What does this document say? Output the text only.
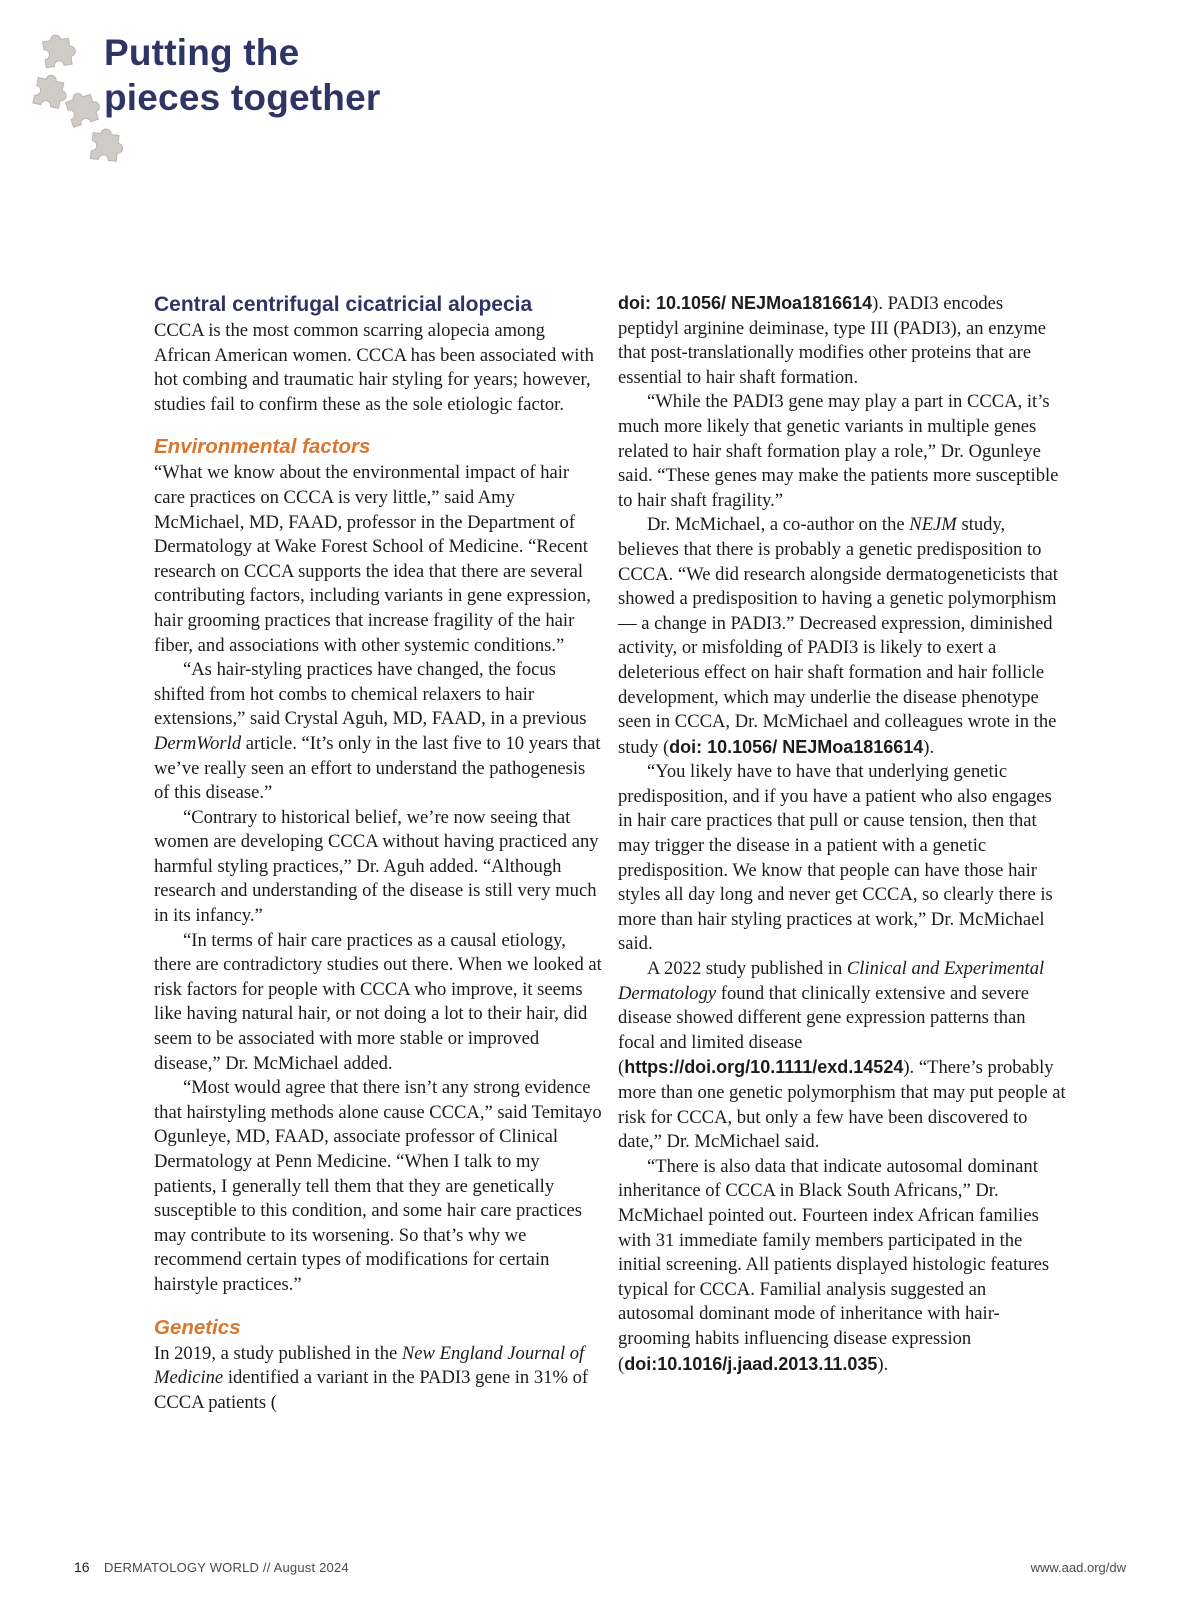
Putting the
pieces together
Central centrifugal cicatricial alopecia

CCCA is the most common scarring alopecia among African American women. CCCA has been associated with hot combing and traumatic hair styling for years; however, studies fail to confirm these as the sole etiologic factor.

Environmental factors

“What we know about the environmental impact of hair care practices on CCCA is very little,” said Amy McMichael, MD, FAAD, professor in the Department of Dermatology at Wake Forest School of Medicine. “Recent research on CCCA supports the idea that there are several contributing factors, including variants in gene expression, hair grooming practices that increase fragility of the hair fiber, and associations with other systemic conditions.”

“As hair-styling practices have changed, the focus shifted from hot combs to chemical relaxers to hair extensions,” said Crystal Aguh, MD, FAAD, in a previous DermWorld article. “It’s only in the last five to 10 years that we’ve really seen an effort to understand the pathogenesis of this disease.”

“Contrary to historical belief, we’re now seeing that women are developing CCCA without having practiced any harmful styling practices,” Dr. Aguh added. “Although research and understanding of the disease is still very much in its infancy.”

“In terms of hair care practices as a causal etiology, there are contradictory studies out there. When we looked at risk factors for people with CCCA who improve, it seems like having natural hair, or not doing a lot to their hair, did seem to be associated with more stable or improved disease,” Dr. McMichael added.

“Most would agree that there isn’t any strong evidence that hairstyling methods alone cause CCCA,” said Temitayo Ogunleye, MD, FAAD, associate professor of Clinical Dermatology at Penn Medicine. “When I talk to my patients, I generally tell them that they are genetically susceptible to this condition, and some hair care practices may contribute to its worsening. So that’s why we recommend certain types of modifications for certain hairstyle practices.”

Genetics

In 2019, a study published in the New England Journal of Medicine identified a variant in the PADI3 gene in 31% of CCCA patients (

doi: 10.1056/ NEJMoa1816614). PADI3 encodes peptidyl arginine deiminase, type III (PADI3), an enzyme that post-translationally modifies other proteins that are essential to hair shaft formation.

“While the PADI3 gene may play a part in CCCA, it’s much more likely that genetic variants in multiple genes related to hair shaft formation play a role,” Dr. Ogunleye said. “These genes may make the patients more susceptible to hair shaft fragility.”

Dr. McMichael, a co-author on the NEJM study, believes that there is probably a genetic predisposition to CCCA. “We did research alongside dermatogeneticists that showed a predisposition to having a genetic polymorphism — a change in PADI3.” Decreased expression, diminished activity, or misfolding of PADI3 is likely to exert a deleterious effect on hair shaft formation and hair follicle development, which may underlie the disease phenotype seen in CCCA, Dr. McMichael and colleagues wrote in the study (doi: 10.1056/ NEJMoa1816614).

“You likely have to have that underlying genetic predisposition, and if you have a patient who also engages in hair care practices that pull or cause tension, then that may trigger the disease in a patient with a genetic predisposition. We know that people can have those hair styles all day long and never get CCCA, so clearly there is more than hair styling practices at work,” Dr. McMichael said.

A 2022 study published in Clinical and Experimental Dermatology found that clinically extensive and severe disease showed different gene expression patterns than focal and limited disease (https://doi.org/10.1111/exd.14524). “There’s probably more than one genetic polymorphism that may put people at risk for CCCA, but only a few have been discovered to date,” Dr. McMichael said.

“There is also data that indicate autosomal dominant inheritance of CCCA in Black South Africans,” Dr. McMichael pointed out. Fourteen index African families with 31 immediate family members participated in the initial screening. All patients displayed histologic features typical for CCCA. Familial analysis suggested an autosomal dominant mode of inheritance with hair-grooming habits influencing disease expression (doi:10.1016/j.jaad.2013.11.035).

16 DERMATOLOGY WORLD // August 2024	www.aad.org/dw
